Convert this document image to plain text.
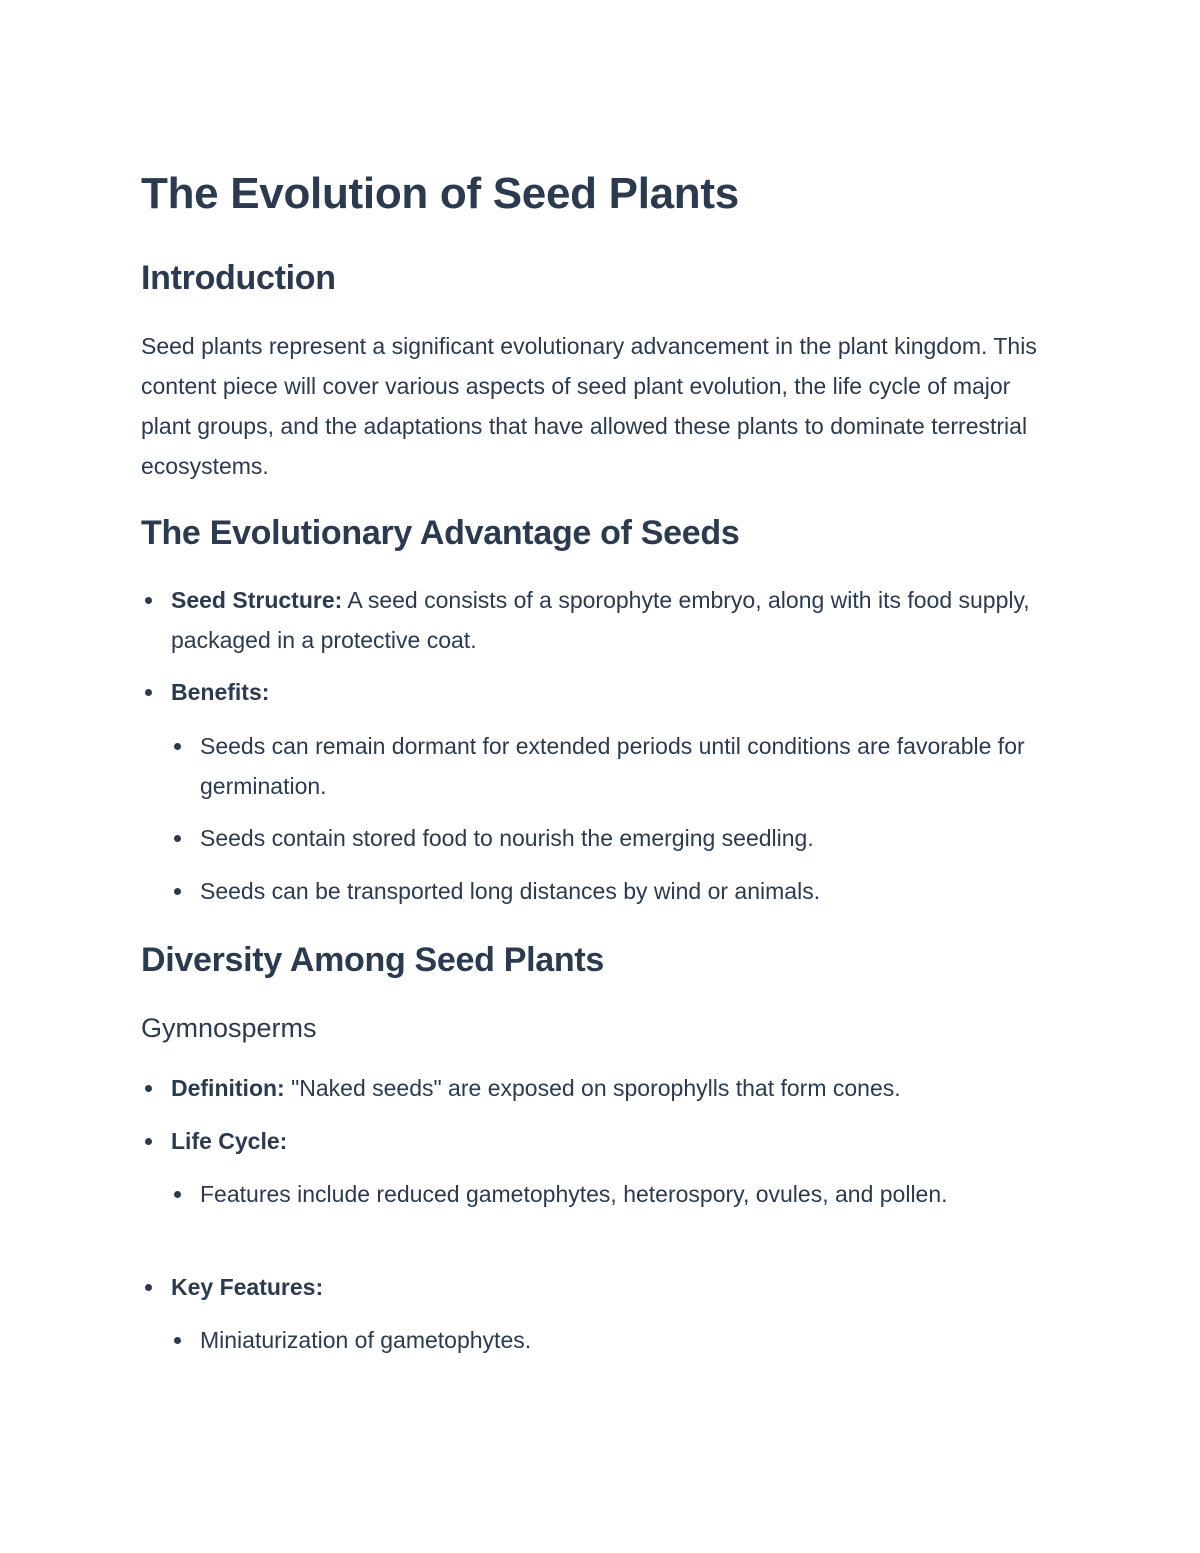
The Evolution of Seed Plants
Introduction

Seed plants represent a significant evolutionary advancement in the plant kingdom. This content piece will cover various aspects of seed plant evolution, the life cycle of major plant groups, and the adaptations that have allowed these plants to dominate terrestrial ecosystems.

The Evolutionary Advantage of Seeds
Seed Structure: A seed consists of a sporophyte embryo, along with its food supply, packaged in a protective coat.
Benefits:
Seeds can remain dormant for extended periods until conditions are favorable for germination.
Seeds contain stored food to nourish the emerging seedling.
Seeds can be transported long distances by wind or animals.
Diversity Among Seed Plants
Gymnosperms
Definition: "Naked seeds" are exposed on sporophylls that form cones.
Life Cycle:
Features include reduced gametophytes, heterospory, ovules, and pollen.
Key Features:
Miniaturization of gametophytes.
